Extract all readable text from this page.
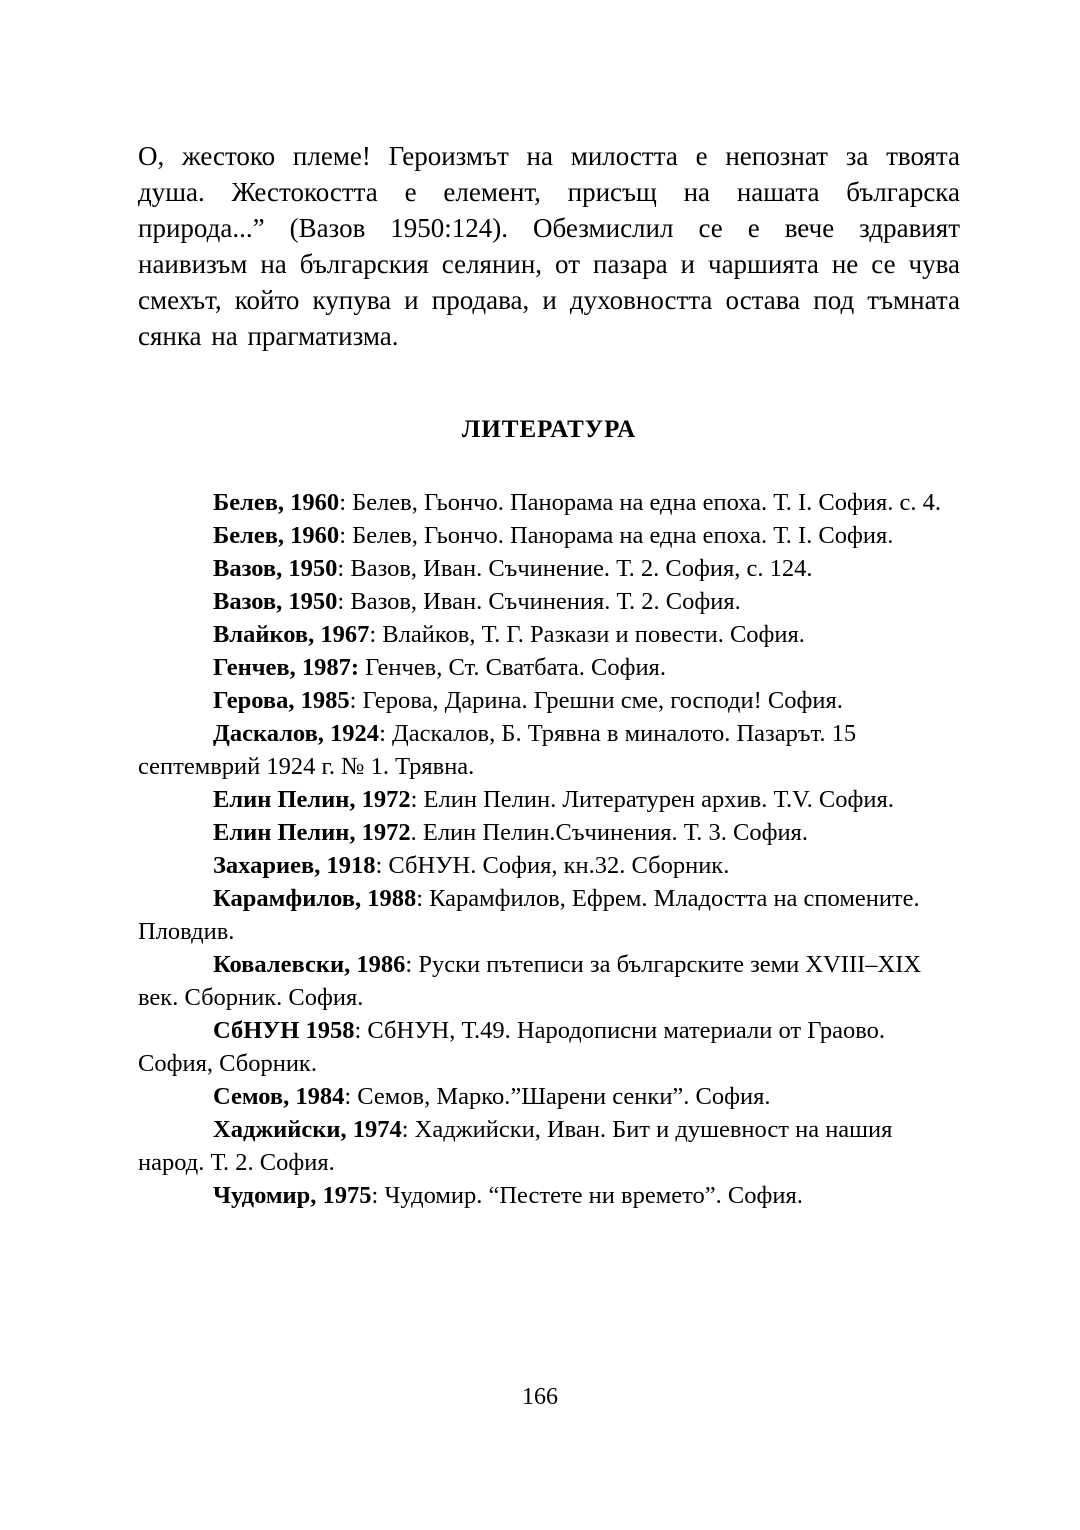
О, жестоко племе! Героизмът на милостта е непознат за твоята душа. Жестокостта е елемент, присъщ на нашата българска природа...” (Вазов 1950:124). Обезмислил се е вече здравият наивизъм на българския селянин, от пазара и чаршията не се чува смехът, който купува и продава, и духовността остава под тъмната сянка на прагматизма.

ЛИТЕРАТУРА

Белев, 1960: Белев, Гьончо. Панорама на една епоха. Т. I. София. с. 4.

Белев, 1960: Белев, Гьончо. Панорама на една епоха. Т. I. София.

Вазов, 1950: Вазов, Иван. Съчинение. Т. 2. София, с. 124.

Вазов, 1950: Вазов, Иван. Съчинения. Т. 2. София.

Влайков, 1967: Влайков, Т. Г. Разкази и повести. София.

Генчев, 1987: Генчев, Ст. Сватбата. София.

Герова, 1985: Герова, Дарина. Грешни сме, господи! София.

Даскалов, 1924: Даскалов, Б. Трявна в миналото. Пазарът. 15 септемврий 1924 г. № 1. Трявна.

Елин Пелин, 1972: Елин Пелин. Литературен архив. Т.V. София.

Елин Пелин, 1972. Елин Пелин.Съчинения. Т. 3. София.

Захариев, 1918: СбНУН. София, кн.32. Сборник.

Карамфилов, 1988: Карамфилов, Ефрем. Младостта на спомените. Пловдив.

Ковалевски, 1986: Руски пътеписи за българските земи XVIII–XIX век. Сборник. София.

СбНУН 1958: СбНУН, Т.49. Народописни материали от Граово. София, Сборник.

Семов, 1984: Семов, Марко.”Шарени сенки”. София.

Хаджийски, 1974: Хаджийски, Иван. Бит и душевност на нашия народ. Т. 2. София.

Чудомир, 1975: Чудомир. “Пестете ни времето”. София.

166
